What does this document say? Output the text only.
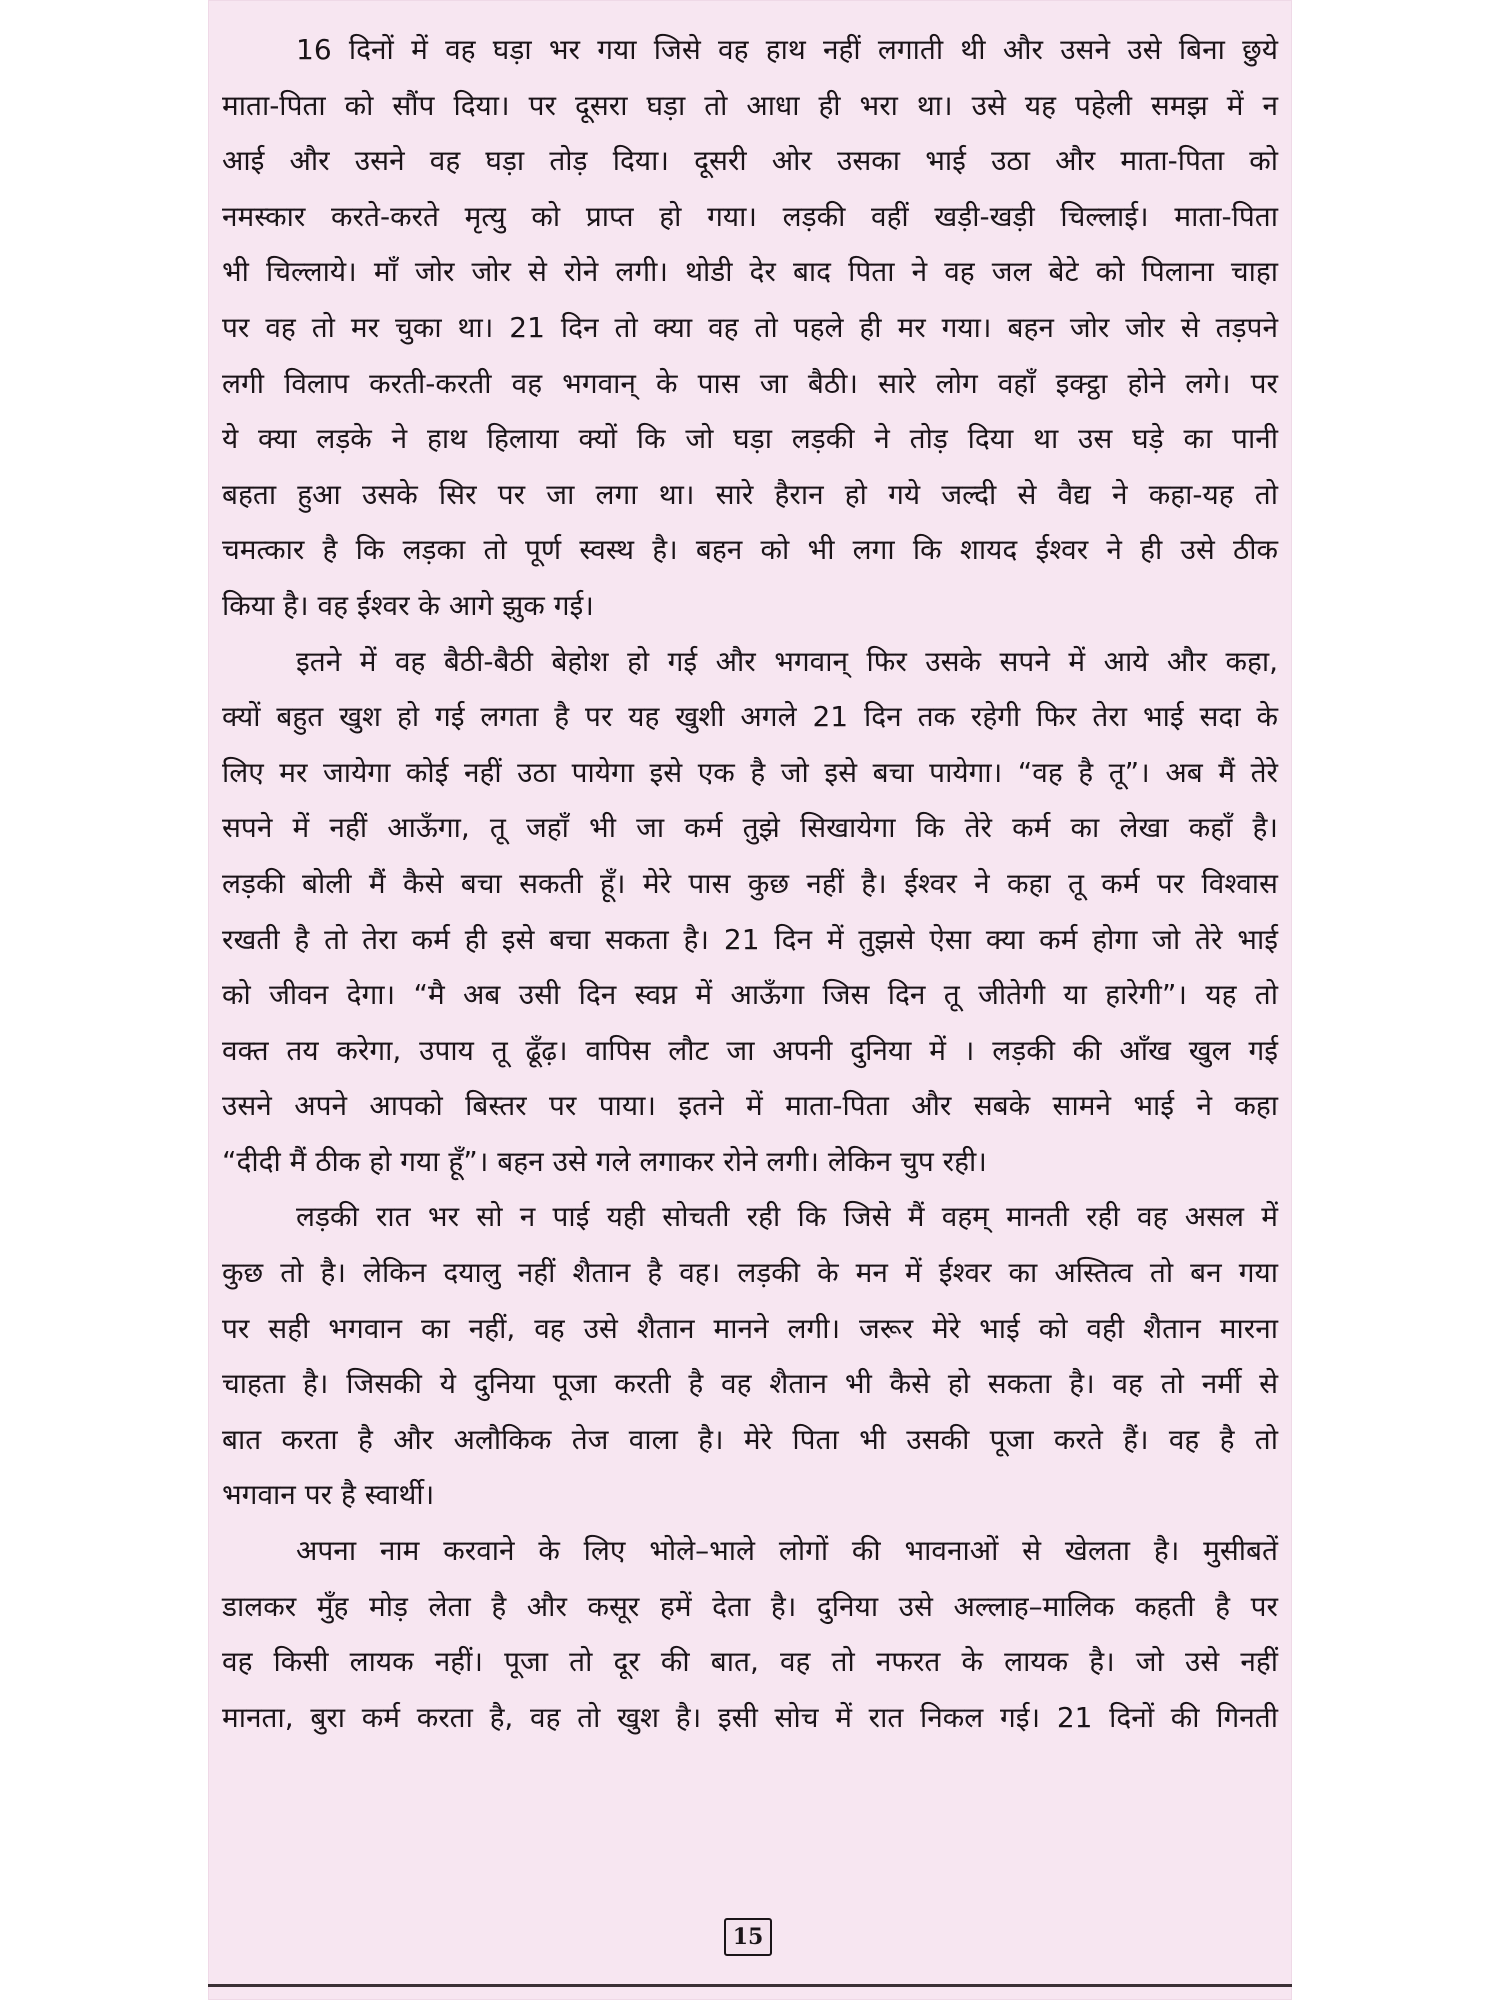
16 दिनों में वह घड़ा भर गया जिसे वह हाथ नहीं लगाती थी और उसने उसे बिना छुये
माता-पिता को सौंप दिया। पर दूसरा घड़ा तो आधा ही भरा था। उसे यह पहेली समझ में न
आई और उसने वह घड़ा तोड़ दिया। दूसरी ओर उसका भाई उठा और माता-पिता को
नमस्कार करते-करते मृत्यु को प्राप्त हो गया। लड़की वहीं खड़ी-खड़ी चिल्लाई। माता-पिता
भी चिल्लाये। माँ जोर जोर से रोने लगी। थोडी देर बाद पिता ने वह जल बेटे को पिलाना चाहा
पर वह तो मर चुका था। 21 दिन तो क्या वह तो पहले ही मर गया। बहन जोर जोर से तड़पने
लगी विलाप करती-करती वह भगवान् के पास जा बैठी। सारे लोग वहाँ इक्ट्ठा होने लगे। पर
ये क्या लड़के ने हाथ हिलाया क्यों कि जो घड़ा लड़की ने तोड़ दिया था उस घड़े का पानी
बहता हुआ उसके सिर पर जा लगा था। सारे हैरान हो गये जल्दी से वैद्य ने कहा-यह तो
चमत्कार है कि लड़का तो पूर्ण स्वस्थ है। बहन को भी लगा कि शायद ईश्वर ने ही उसे ठीक
किया है। वह ईश्वर के आगे झुक गई।
इतने में वह बैठी-बैठी बेहोश हो गई और भगवान् फिर उसके सपने में आये और कहा,
क्यों बहुत खुश हो गई लगता है पर यह खुशी अगले 21 दिन तक रहेगी फिर तेरा भाई सदा के
लिए मर जायेगा कोई नहीं उठा पायेगा इसे एक है जो इसे बचा पायेगा। “वह है तू”। अब मैं तेरे
सपने में नहीं आऊँगा, तू जहाँ भी जा कर्म तुझे सिखायेगा कि तेरे कर्म का लेखा कहाँ है।
लड़की बोली मैं कैसे बचा सकती हूँ। मेरे पास कुछ नहीं है। ईश्वर ने कहा तू कर्म पर विश्वास
रखती है तो तेरा कर्म ही इसे बचा सकता है। 21 दिन में तुझसे ऐसा क्या कर्म होगा जो तेरे भाई
को जीवन देगा। “मै अब उसी दिन स्वप्न में आऊँगा जिस दिन तू जीतेगी या हारेगी”। यह तो
वक्त तय करेगा, उपाय तू ढूँढ़। वापिस लौट जा अपनी दुनिया में । लड़की की आँख खुल गई
उसने अपने आपको बिस्तर पर पाया। इतने में माता-पिता और सबके सामने भाई ने कहा
“दीदी मैं ठीक हो गया हूँ”। बहन उसे गले लगाकर रोने लगी। लेकिन चुप रही।
लड़की रात भर सो न पाई यही सोचती रही कि जिसे मैं वहम् मानती रही वह असल में
कुछ तो है। लेकिन दयालु नहीं शैतान है वह। लड़की के मन में ईश्वर का अस्तित्व तो बन गया
पर सही भगवान का नहीं, वह उसे शैतान मानने लगी। जरूर मेरे भाई को वही शैतान मारना
चाहता है। जिसकी ये दुनिया पूजा करती है वह शैतान भी कैसे हो सकता है। वह तो नर्मी से
बात करता है और अलौकिक तेज वाला है। मेरे पिता भी उसकी पूजा करते हैं। वह है तो
भगवान पर है स्वार्थी।
अपना नाम करवाने के लिए भोले–भाले लोगों की भावनाओं से खेलता है। मुसीबतें
डालकर मुँह मोड़ लेता है और कसूर हमें देता है। दुनिया उसे अल्लाह–मालिक कहती है पर
वह किसी लायक नहीं। पूजा तो दूर की बात, वह तो नफरत के लायक है। जो उसे नहीं
मानता, बुरा कर्म करता है, वह तो खुश है। इसी सोच में रात निकल गई। 21 दिनों की गिनती
15
